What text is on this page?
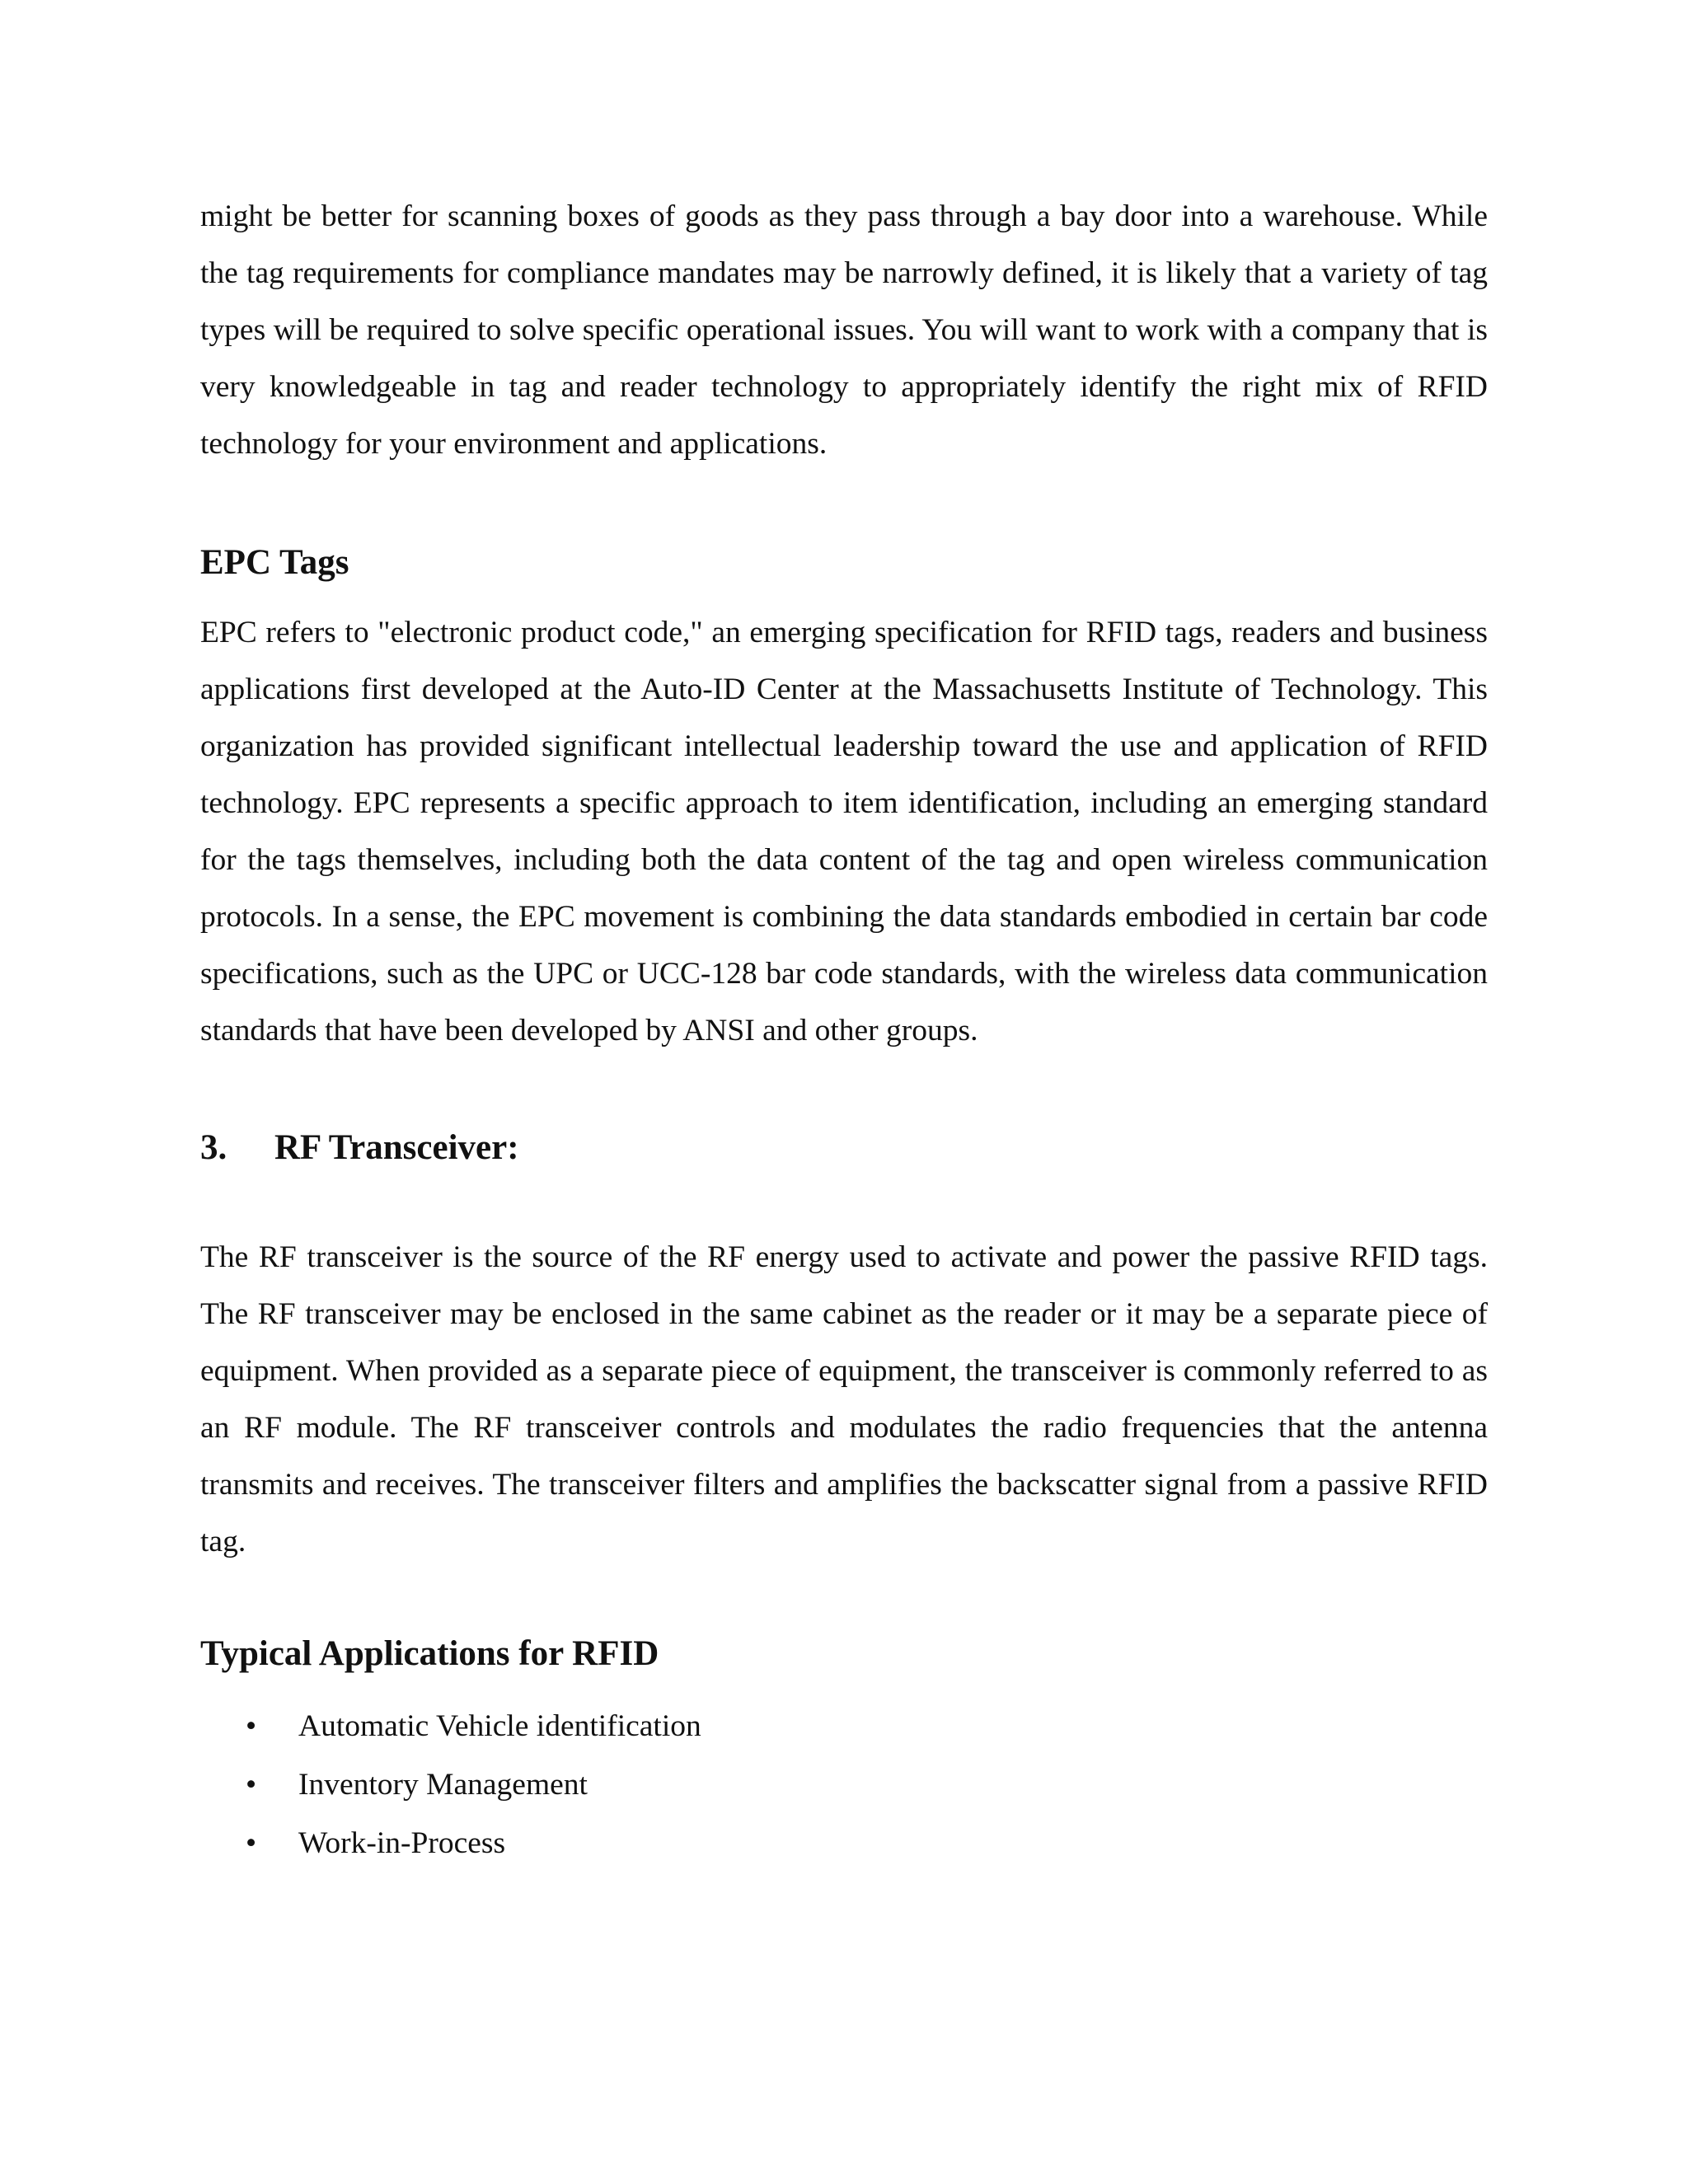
might be better for scanning boxes of goods as they pass through a bay door into a warehouse. While the tag requirements for compliance mandates may be narrowly defined, it is likely that a variety of tag types will be required to solve specific operational issues. You will want to work with a company that is very knowledgeable in tag and reader technology to appropriately identify the right mix of RFID technology for your environment and applications.

EPC Tags

EPC refers to "electronic product code," an emerging specification for RFID tags, readers and business applications first developed at the Auto-ID Center at the Massachusetts Institute of Technology. This organization has provided significant intellectual leadership toward the use and application of RFID technology. EPC represents a specific approach to item identification, including an emerging standard for the tags themselves, including both the data content of the tag and open wireless communication protocols. In a sense, the EPC movement is combining the data standards embodied in certain bar code specifications, such as the UPC or UCC-128 bar code standards, with the wireless data communication standards that have been developed by ANSI and other groups.

3.	RF Transceiver:

The RF transceiver is the source of the RF energy used to activate and power the passive RFID tags. The RF transceiver may be enclosed in the same cabinet as the reader or it may be a separate piece of equipment. When provided as a separate piece of equipment, the transceiver is commonly referred to as an RF module. The RF transceiver controls and modulates the radio frequencies that the antenna transmits and receives. The transceiver filters and amplifies the backscatter signal from a passive RFID tag.

Typical Applications for RFID
• Automatic Vehicle identification
• Inventory Management
• Work-in-Process
